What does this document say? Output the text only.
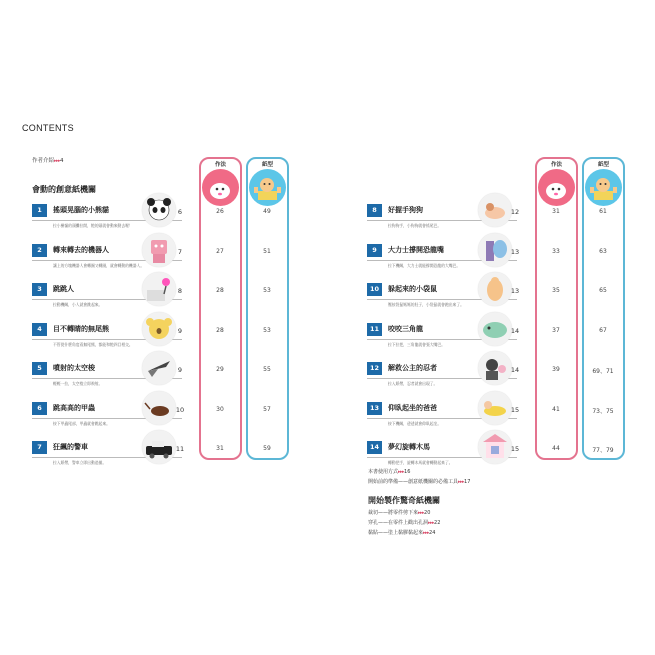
CONTENTS
作者介紹▸▸▸4
會動的創意紙機關
作法	紙型
1	搖頭晃腦的小熊貓
拉小樹貓的頭攤拉開，牠的頭就會動來動去喔！
6	26	49
2	轉來轉去的機器人
讓上的方塊機器人會轉圈又轉圈，就會轉動的機器人。
7	27	51
3	跳跳人
拉動機關，小人就會跳起來。
8	28	53
4	目不轉睛的無尾熊
不管從什麼角度看無尾熊，都能和牠四目相交。
9	28	53
5	噴射的太空梭
輕輕一拉，太空梭立即飛射。
9	29	55
6	跳高高的甲蟲
按下甲蟲尾部，甲蟲就會跳起來。
10	30	57
7	狂飆的警車
拉入紙帶，警車立即出動追捕。
11	31	59
作法	紙型
8	好握手狗狗
拉狗狗手，小狗狗就會搖尾巴。
12	31	61
9	大力士撐開恐龍嘴
拉下機關，大力士就能撐開恐龍的大嘴巴。
13	33	63
10	躲起來的小袋鼠
壓按袋鼠媽媽的肚子，小袋鼠就會跑出來了。
13	35	65
11	咬咬三角龍
拉下拉把，三角龍就會張大嘴巴。
14	37	67
12	解救公主的忍者
拉入紙帶，忍者就會出現了。
14	39	69、71
13	仰臥起坐的爸爸
按下機關，爸爸就會仰臥起坐。
15	41	73、75
14	夢幻旋轉木馬
轉動把手，旋轉木馬就會轉動起來了。
15	44	77、79
本書使用方式▸▸▸16
開始前的準備——創意紙機關的必備工具▸▸▸17
開始製作驚奇紙機關
裁切——將零件剪下來▸▸▸20
穿孔——在零件上戳出孔洞▸▸▸22
黏貼——塗上黏膠黏起來▸▸▸24
